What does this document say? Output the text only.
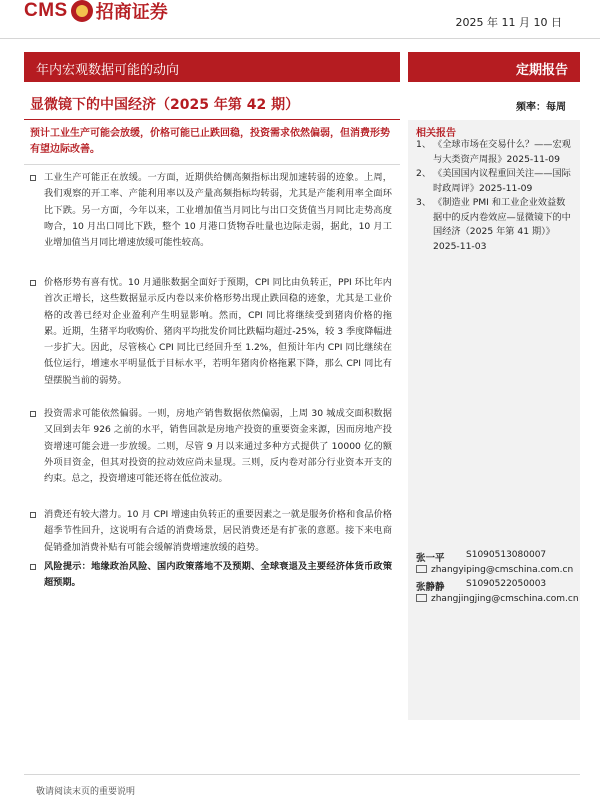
CMS 招商证券	2025 年 11 月 10 日
年内宏观数据可能的动向	定期报告
显微镜下的中国经济（2025 年第 42 期）	频率：每周
预计工业生产可能会放缓，价格可能已止跌回稳，投资需求依然偏弱，但消费形势有望边际改善。
工业生产可能正在放缓。一方面，近期供给侧高频指标出现加速转弱的迹象。上周，我们观察的开工率、产能利用率以及产量高频指标均转弱，尤其是产能利用率全面环比下跌。另一方面，今年以来，工业增加值当月同比与出口交货值当月同比走势高度吻合，10 月出口同比下跌，整个 10 月港口货物吞吐量也边际走弱，据此，10 月工业增加值当月同比增速放缓可能性较高。
价格形势有喜有忧。10 月通胀数据全面好于预期，CPI 同比由负转正，PPI 环比年内首次正增长，这些数据显示反内卷以来价格形势出现止跌回稳的迹象，尤其是工业价格的改善已经对企业盈利产生明显影响。然而，CPI 同比将继续受到猪肉价格的拖累。近期，生猪平均收购价、猪肉平均批发价同比跌幅均超过-25%，较 3 季度降幅进一步扩大。因此，尽管核心 CPI 同比已经回升至 1.2%，但预计年内 CPI 同比继续在低位运行，增速水平明显低于目标水平，若明年猪肉价格拖累下降，那么 CPI 同比有望摆脱当前的弱势。
投资需求可能依然偏弱。一则，房地产销售数据依然偏弱，上周 30 城成交面积数据又回到去年 926 之前的水平，销售回款是房地产投资的重要资金来源，因而房地产投资增速可能会进一步放缓。二则，尽管 9 月以来通过多种方式提供了 10000 亿的额外项目资金，但其对投资的拉动效应尚未显现。三则，反内卷对部分行业资本开支的约束。总之，投资增速可能还将在低位波动。
消费还有较大潜力。10 月 CPI 增速由负转正的重要因素之一就是服务价格和食品价格超季节性回升，这说明有合适的消费场景，居民消费还是有扩张的意愿。接下来电商促销叠加消费补贴有可能会缓解消费增速放缓的趋势。
风险提示：地缘政治风险、国内政策落地不及预期、全球衰退及主要经济体货币政策超预期。
相关报告
1、 《全球市场在交易什么？——宏观与大类资产周报》2025-11-09
2、 《美国国内议程重回关注——国际时政周评》2025-11-09
3、 《制造业 PMI 和工业企业效益数据中的反内卷效应—显微镜下的中国经济（2025 年第 41 期）》2025-11-03
张一平 S1090513080007
zhangyiping@cmschina.com.cn
张静静 S1090522050003
zhangjingjing@cmschina.com.cn
敬请阅读末页的重要说明
